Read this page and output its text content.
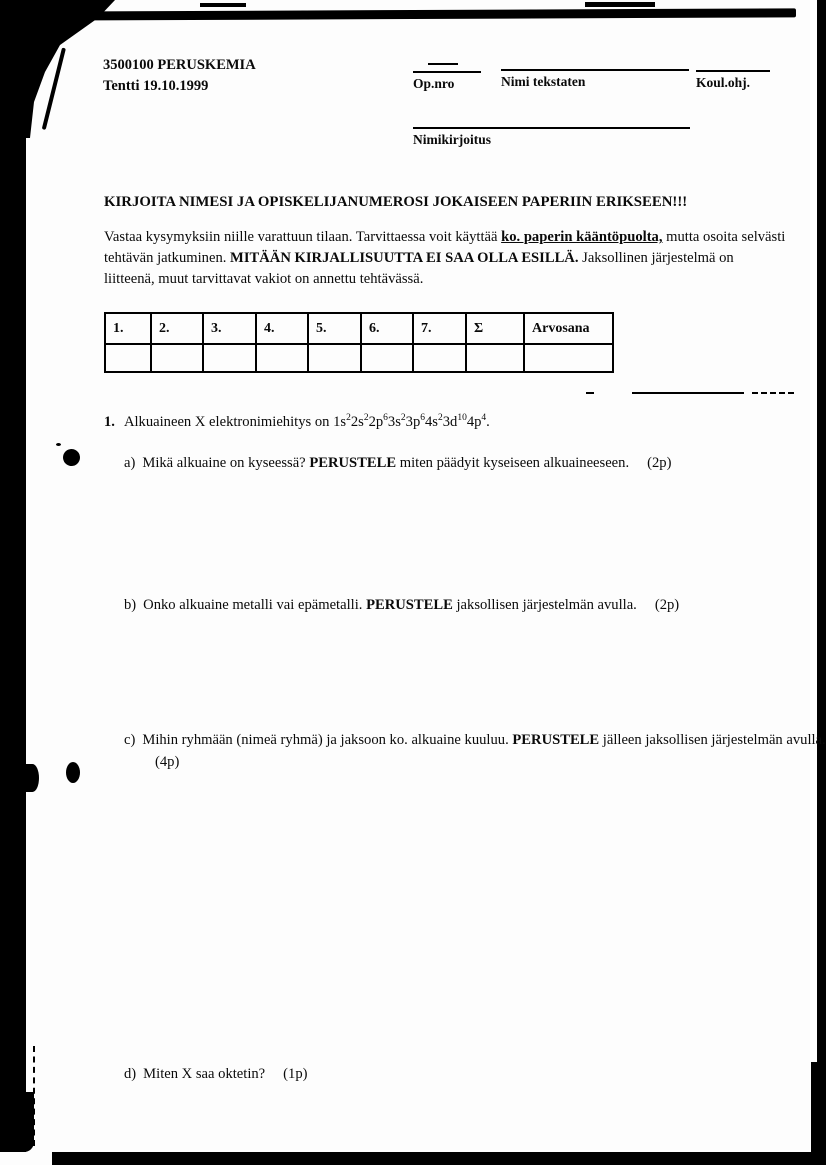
3500100 PERUSKEMIA
Tentti 19.10.1999	Op.nro	Nimi tekstaten	Koul.ohj.
Nimikirjoitus
KIRJOITA NIMESI JA OPISKELIJANUMEROSI JOKAISEEN PAPERIIN ERIKSEEN!!!
Vastaa kysymyksiin niille varattuun tilaan. Tarvittaessa voit käyttää ko. paperin kääntöpuolta, mutta osoita selvästi tehtävän jatkuminen. MITÄÄN KIRJALLISUUTTA EI SAA OLLA ESILLÄ. Jaksollinen järjestelmä on liitteenä, muut tarvittavat vakiot on annettu tehtävässä.
1.	2.	3.	4.	5.	6.	7.	Σ	Arvosana

1. Alkuaineen X elektronimiehitys on $1s^22s^22p^63s^23p^64s^23d^{10}4p^4$.
a) Mikä alkuaine on kyseessä? PERUSTELE miten päädyit kyseiseen alkuaineeseen. (2p)
b) Onko alkuaine metalli vai epämetalli. PERUSTELE jaksollisen järjestelmän avulla. (2p)
c) Mihin ryhmään (nimeä ryhmä) ja jaksoon ko. alkuaine kuuluu. PERUSTELE jälleen jaksollisen järjestelmän avulla.(4p)
d) Miten X saa oktetin? (1p)
